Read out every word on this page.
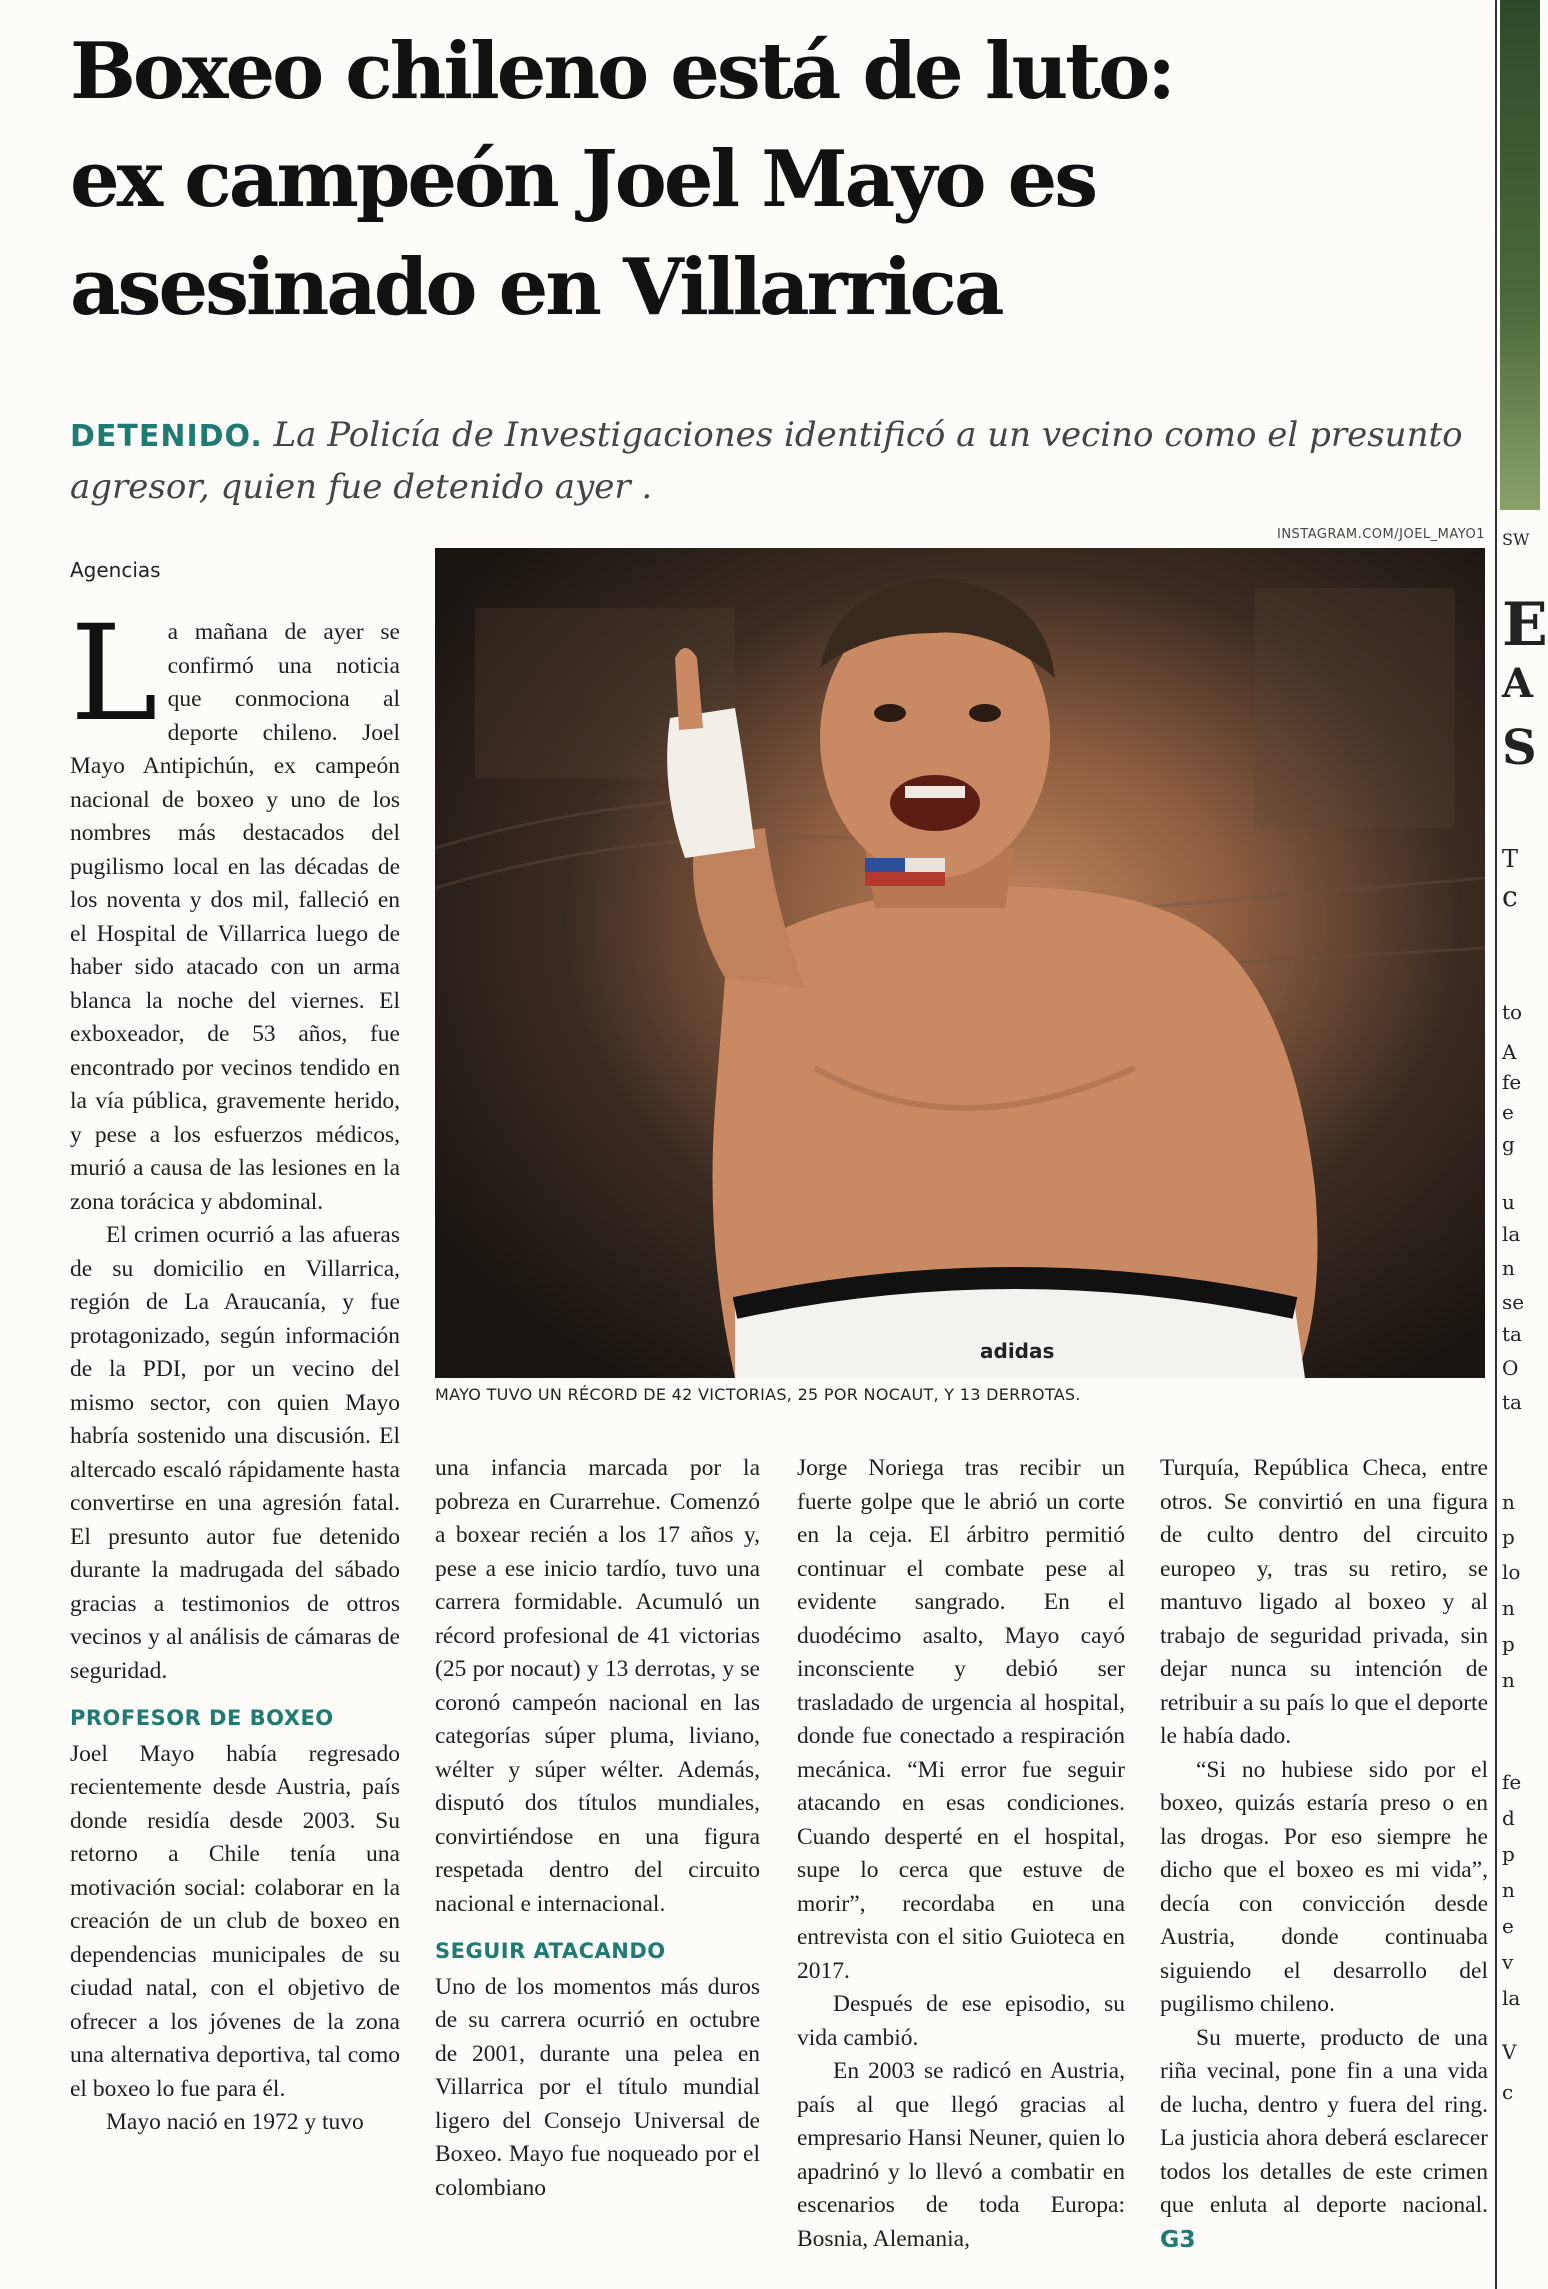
Boxeo chileno está de luto:
ex campeón Joel Mayo es
asesinado en Villarrica
DETENIDO. La Policía de Investigaciones identificó a un vecino como el presunto agresor, quien fue detenido ayer .
Agencias
INSTAGRAM.COM/JOEL_MAYO1
adidas
MAYO TUVO UN RÉCORD DE 42 VICTORIAS, 25 POR NOCAUT, Y 13 DERROTAS.

La mañana de ayer se confirmó una noticia que conmociona al deporte chileno. Joel Mayo Antipichún, ex campeón nacional de boxeo y uno de los nombres más destacados del pugilismo local en las décadas de los noventa y dos mil, falleció en el Hospital de Villarrica luego de haber sido atacado con un arma blanca la noche del viernes. El exboxeador, de 53 años, fue encontrado por vecinos tendido en la vía pública, gravemente herido, y pese a los esfuerzos médicos, murió a causa de las lesiones en la zona torácica y abdominal.

El crimen ocurrió a las afueras de su domicilio en Villarrica, región de La Araucanía, y fue protagonizado, según información de la PDI, por un vecino del mismo sector, con quien Mayo habría sostenido una discusión. El altercado escaló rápidamente hasta convertirse en una agresión fatal. El presunto autor fue detenido durante la madrugada del sábado gracias a testimonios de ottros vecinos y al análisis de cámaras de seguridad.

PROFESOR DE BOXEO

Joel Mayo había regresado recientemente desde Austria, país donde residía desde 2003. Su retorno a Chile tenía una motivación social: colaborar en la creación de un club de boxeo en dependencias municipales de su ciudad natal, con el objetivo de ofrecer a los jóvenes de la zona una alternativa deportiva, tal como el boxeo lo fue para él.

Mayo nació en 1972 y tuvo

una infancia marcada por la pobreza en Curarrehue. Comenzó a boxear recién a los 17 años y, pese a ese inicio tardío, tuvo una carrera formidable. Acumuló un récord profesional de 41 victorias (25 por nocaut) y 13 derrotas, y se coronó campeón nacional en las categorías súper pluma, liviano, wélter y súper wélter. Además, disputó dos títulos mundiales, convirtiéndose en una figura respetada dentro del circuito nacional e internacional.

SEGUIR ATACANDO

Uno de los momentos más duros de su carrera ocurrió en octubre de 2001, durante una pelea en Villarrica por el título mundial ligero del Consejo Universal de Boxeo. Mayo fue noqueado por el colombiano

Jorge Noriega tras recibir un fuerte golpe que le abrió un corte en la ceja. El árbitro permitió continuar el combate pese al evidente sangrado. En el duodécimo asalto, Mayo cayó inconsciente y debió ser trasladado de urgencia al hospital, donde fue conectado a respiración mecánica. “Mi error fue seguir atacando en esas condiciones. Cuando desperté en el hospital, supe lo cerca que estuve de morir”, recordaba en una entrevista con el sitio Guioteca en 2017.

Después de ese episodio, su vida cambió.

En 2003 se radicó en Austria, país al que llegó gracias al empresario Hansi Neuner, quien lo apadrinó y lo llevó a combatir en escenarios de toda Europa: Bosnia, Alemania,

Turquía, República Checa, entre otros. Se convirtió en una figura de culto dentro del circuito europeo y, tras su retiro, se mantuvo ligado al boxeo y al trabajo de seguridad privada, sin dejar nunca su intención de retribuir a su país lo que el deporte le había dado.

“Si no hubiese sido por el boxeo, quizás estaría preso o en las drogas. Por eso siempre he dicho que el boxeo es mi vida”, decía con convicción desde Austria, donde continuaba siguiendo el desarrollo del pugilismo chileno.

Su muerte, producto de una riña vecinal, pone fin a una vida de lucha, dentro y fuera del ring. La justicia ahora deberá esclarecer todos los detalles de este crimen que enluta al deporte nacional. G3

SW
E
A
S
T
c
to
A
fe
e
g
u
la
n
se
ta
O
ta
n
p
lo
n
p
n
fe
d
p
n
e
v
la
V
c
